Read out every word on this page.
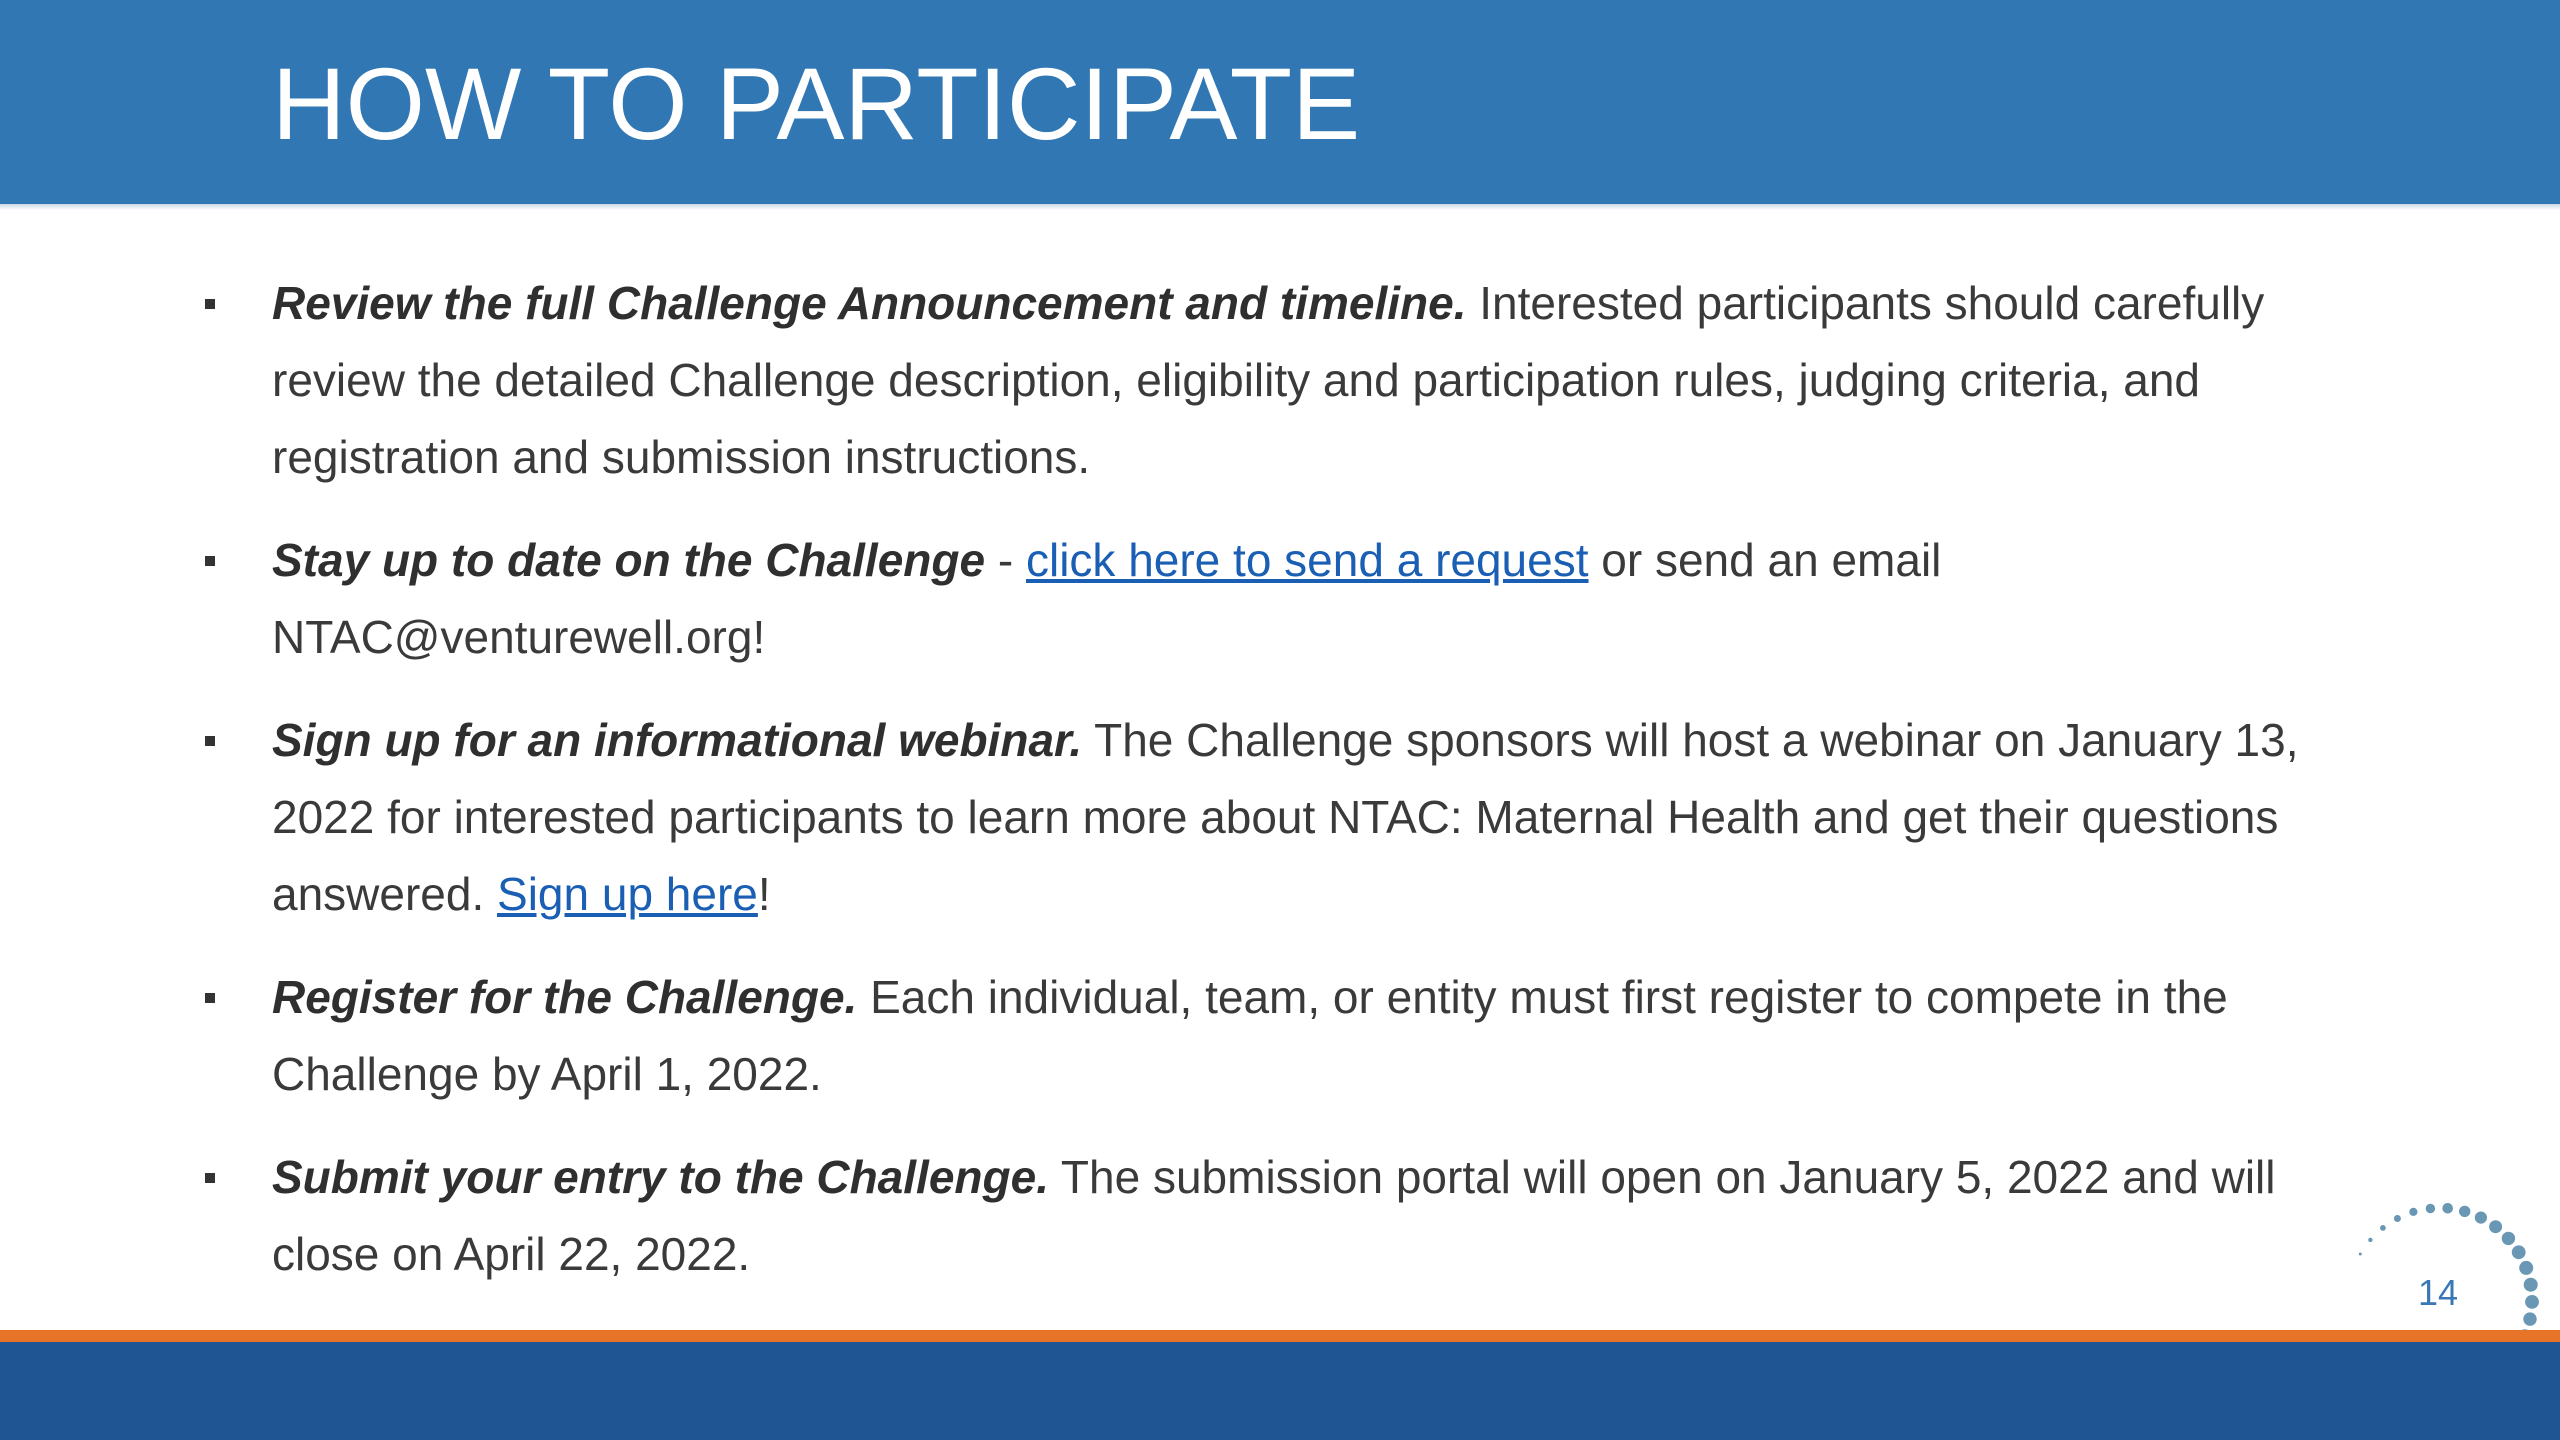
HOW TO PARTICIPATE
Review the full Challenge Announcement and timeline. Interested participants should carefully review the detailed Challenge description, eligibility and participation rules, judging criteria, and registration and submission instructions.
Stay up to date on the Challenge - click here to send a request or send an email NTAC@venturewell.org!
Sign up for an informational webinar. The Challenge sponsors will host a webinar on January 13, 2022 for interested participants to learn more about NTAC: Maternal Health and get their questions answered. Sign up here!
Register for the Challenge. Each individual, team, or entity must first register to compete in the Challenge by April 1, 2022.
Submit your entry to the Challenge. The submission portal will open on January 5, 2022 and will close on April 22, 2022.
14
